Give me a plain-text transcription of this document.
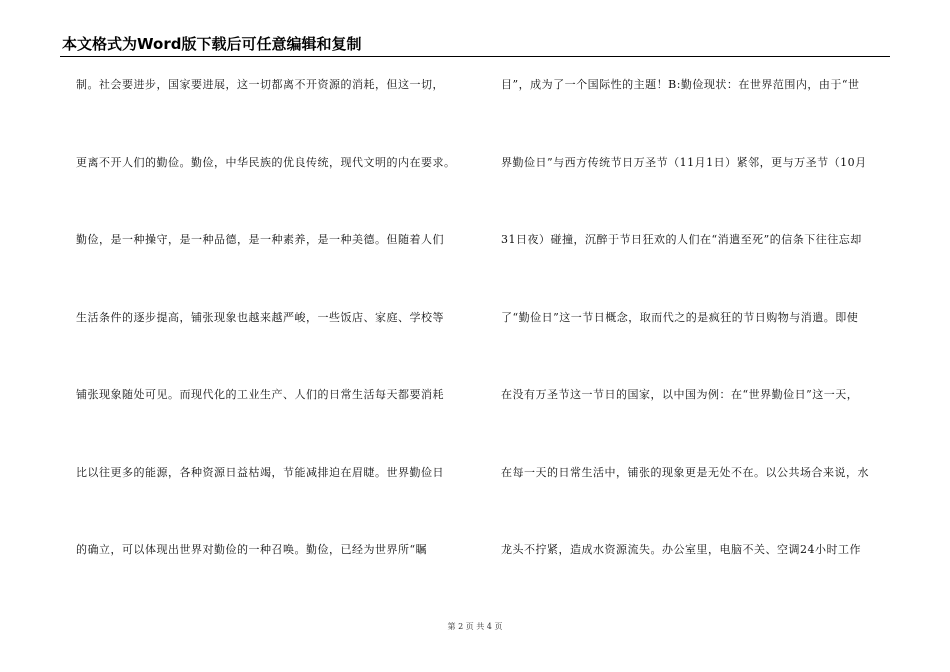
本文格式为Word版下载后可任意编辑和复制
制。社会要进步，国家要进展，这一切都离不开资源的消耗，但这一切，
更离不开人们的勤俭。勤俭，中华民族的优良传统，现代文明的内在要求。
勤俭，是一种操守，是一种品德，是一种素养，是一种美德。但随着人们
生活条件的逐步提高，铺张现象也越来越严峻，一些饭店、家庭、学校等
铺张现象随处可见。而现代化的工业生产、人们的日常生活每天都要消耗
比以往更多的能源，各种资源日益枯竭，节能减排迫在眉睫。世界勤俭日
的确立，可以体现出世界对勤俭的一种召唤。勤俭，已经为世界所“瞩
目”，成为了一个国际性的主题！B:勤俭现状：在世界范围内，由于“世
界勤俭日”与西方传统节日万圣节（11月1日）紧邻，更与万圣节（10月
31日夜）碰撞，沉醉于节日狂欢的人们在“消遣至死”的信条下往往忘却
了“勤俭日”这一节日概念，取而代之的是疯狂的节日购物与消遣。即使
在没有万圣节这一节日的国家，以中国为例：在“世界勤俭日”这一天，
在每一天的日常生活中，铺张的现象更是无处不在。以公共场合来说，水
龙头不拧紧，造成水资源流失。办公室里，电脑不关、空调24小时工作
第 2 页 共 4 页
